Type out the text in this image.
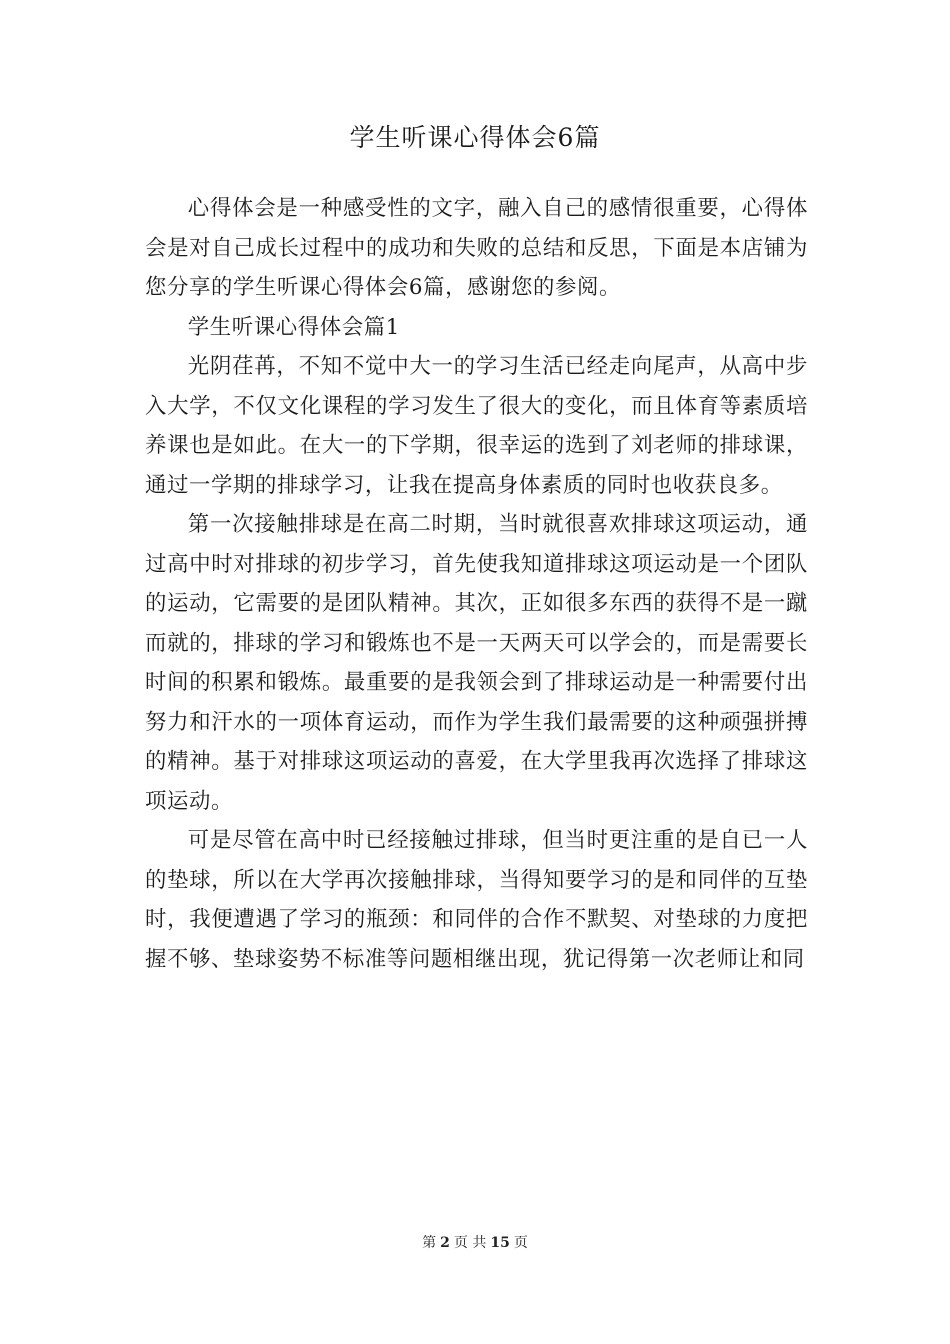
学生听课心得体会6篇

心得体会是一种感受性的文字，融入自己的感情很重要，心得体会是对自己成长过程中的成功和失败的总结和反思，下面是本店铺为您分享的学生听课心得体会6篇，感谢您的参阅。

学生听课心得体会篇1

光阴荏苒，不知不觉中大一的学习生活已经走向尾声，从高中步入大学，不仅文化课程的学习发生了很大的变化，而且体育等素质培养课也是如此。在大一的下学期，很幸运的选到了刘老师的排球课，通过一学期的排球学习，让我在提高身体素质的同时也收获良多。

第一次接触排球是在高二时期，当时就很喜欢排球这项运动，通过高中时对排球的初步学习，首先使我知道排球这项运动是一个团队的运动，它需要的是团队精神。其次，正如很多东西的获得不是一蹴而就的，排球的学习和锻炼也不是一天两天可以学会的，而是需要长时间的积累和锻炼。最重要的是我领会到了排球运动是一种需要付出努力和汗水的一项体育运动，而作为学生我们最需要的这种顽强拼搏的精神。基于对排球这项运动的喜爱，在大学里我再次选择了排球这项运动。

可是尽管在高中时已经接触过排球，但当时更注重的是自已一人的垫球，所以在大学再次接触排球，当得知要学习的是和同伴的互垫时，我便遭遇了学习的瓶颈：和同伴的合作不默契、对垫球的力度把握不够、垫球姿势不标准等问题相继出现，犹记得第一次老师让和同

第 2 页 共 15 页
